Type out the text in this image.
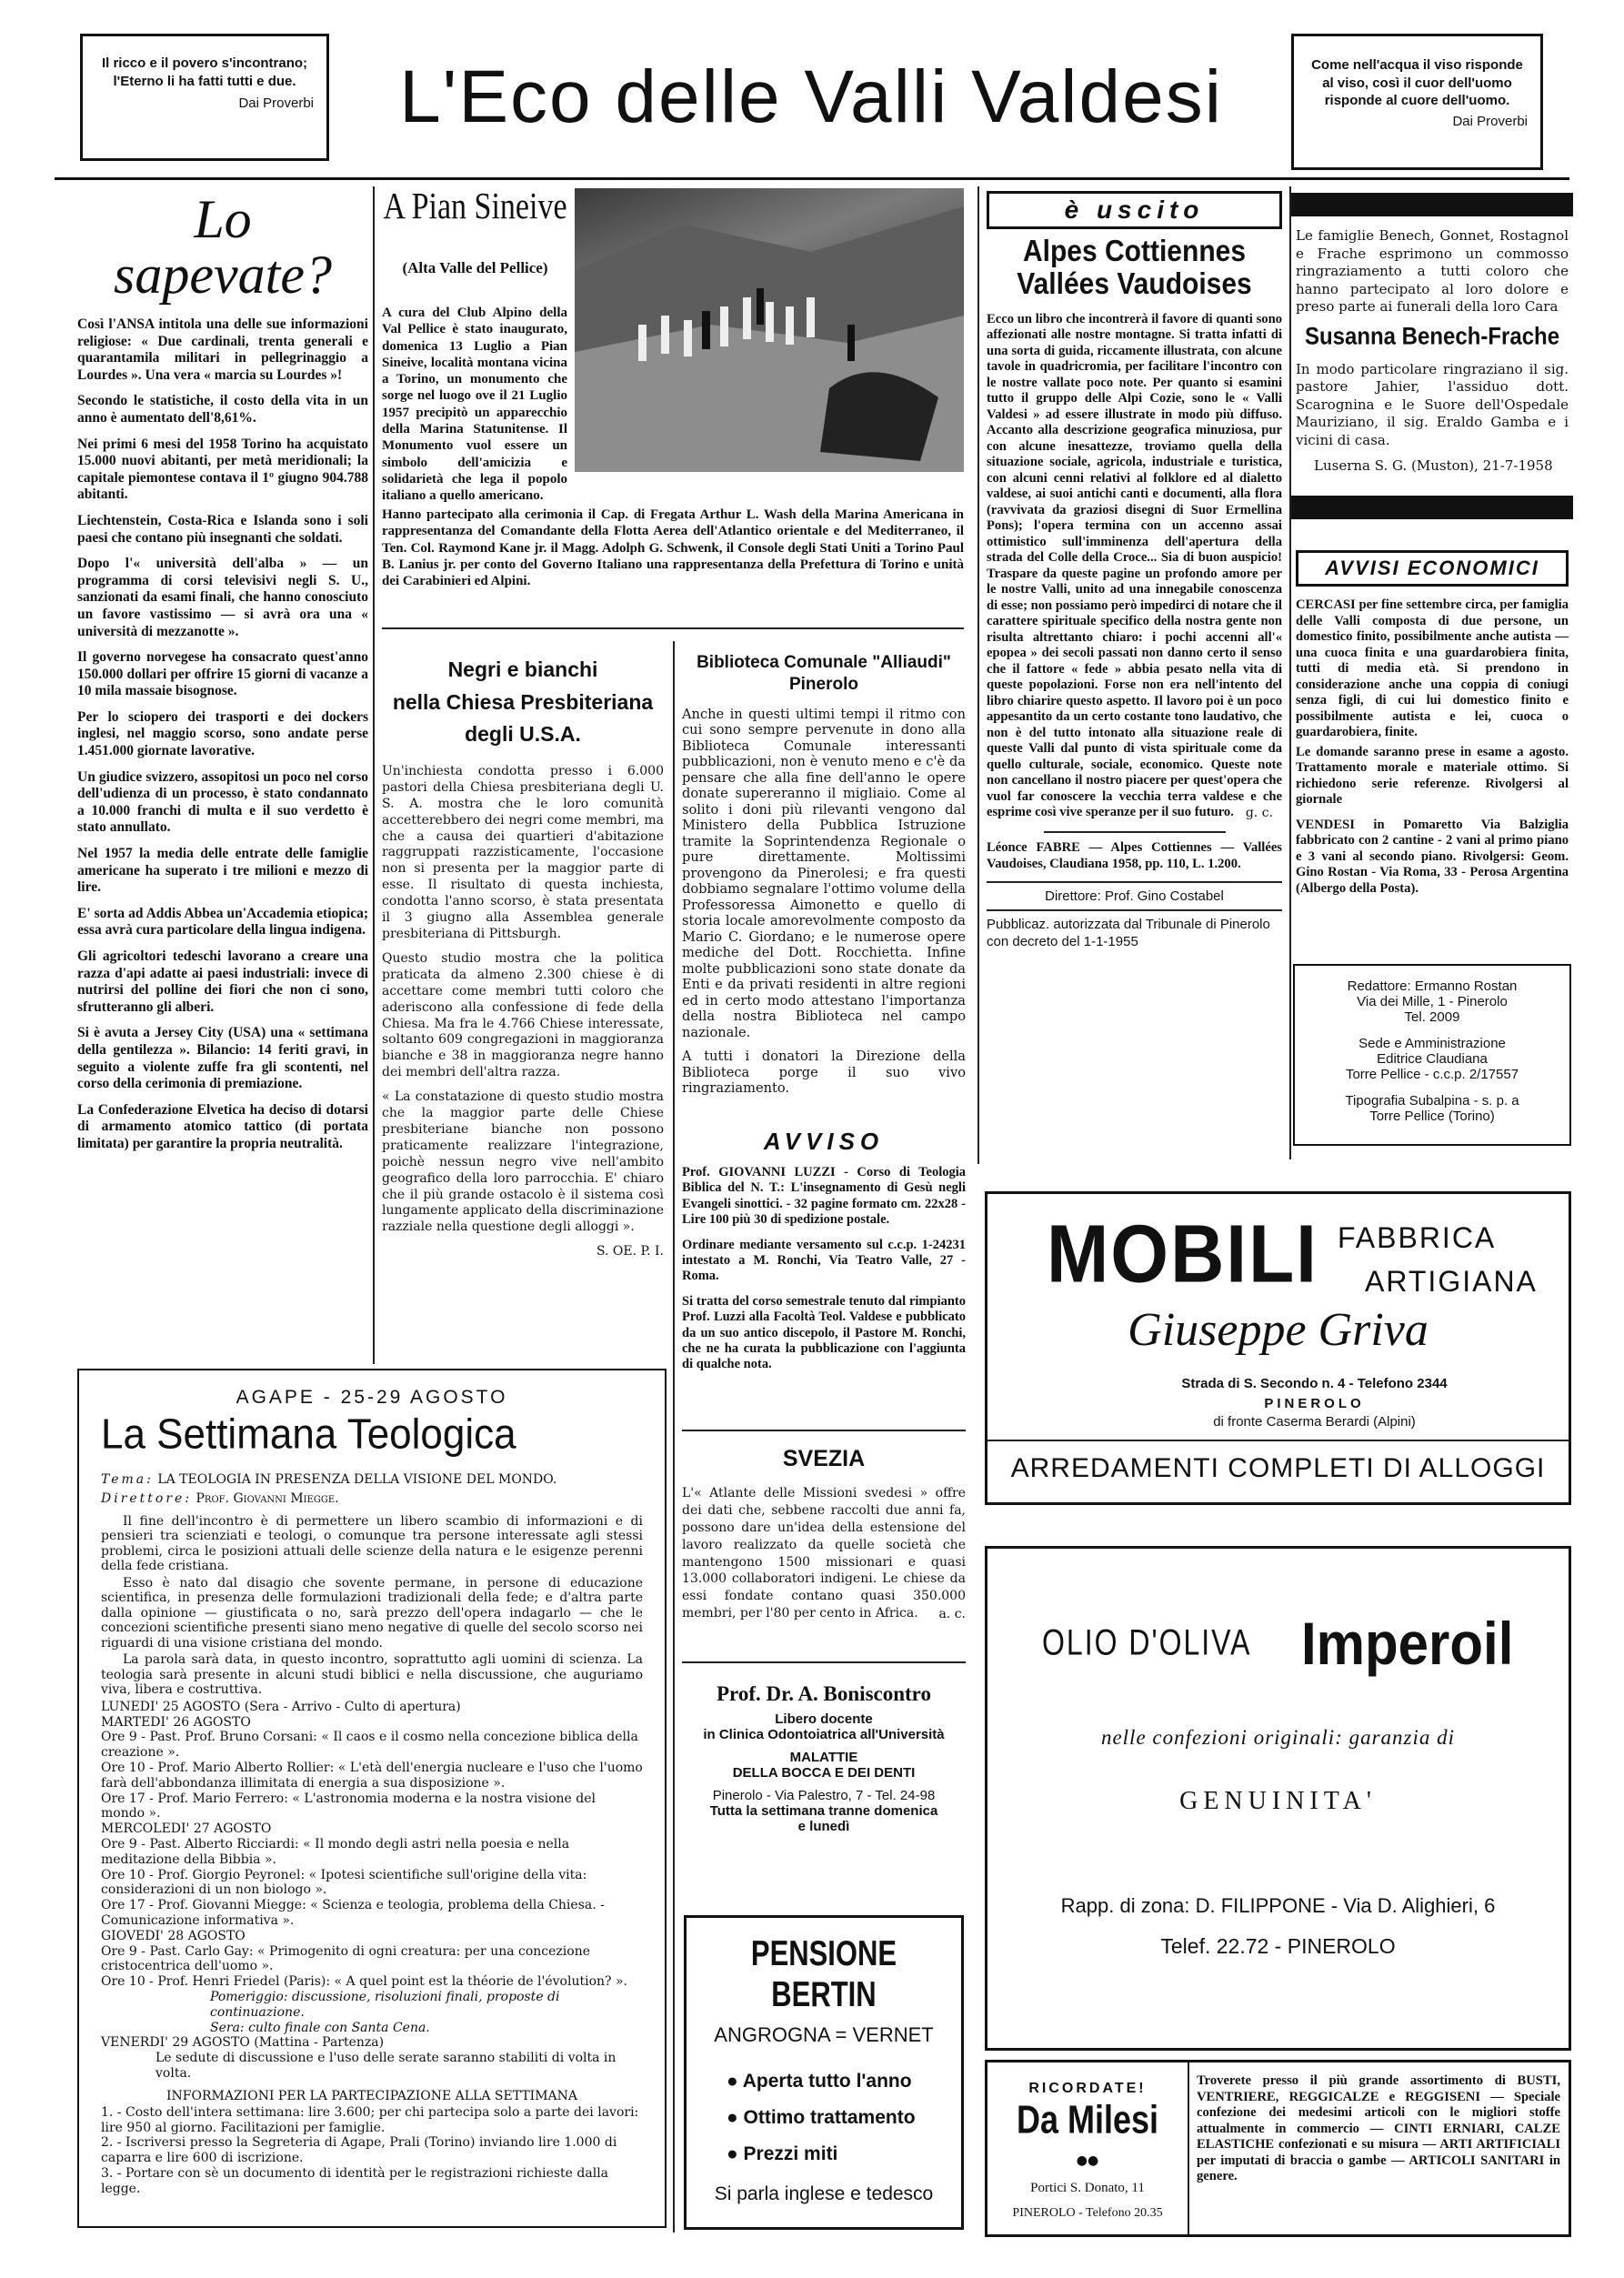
Il ricco e il povero s'incontrano; l'Eterno li ha fatti tutti e due.
Dai Proverbi	L'Eco delle Valli Valdesi	Come nell'acqua il viso risponde al viso, così il cuor dell'uomo risponde al cuore dell'uomo.
Dai Proverbi
Lo
sapevate?

Così l'ANSA intitola una delle sue informazioni religiose: « Due cardinali, trenta generali e quarantamila militari in pellegrinaggio a Lourdes ». Una vera « marcia su Lourdes »!

Secondo le statistiche, il costo della vita in un anno è aumentato dell'8,61%.

Nei primi 6 mesi del 1958 Torino ha acquistato 15.000 nuovi abitanti, per metà meridionali; la capitale piemontese contava il 1º giugno 904.788 abitanti.

Liechtenstein, Costa-Rica e Islanda sono i soli paesi che contano più insegnanti che soldati.

Dopo l'« università dell'alba » — un programma di corsi televisivi negli S. U., sanzionati da esami finali, che hanno conosciuto un favore vastissimo — si avrà ora una « università di mezzanotte ».

Il governo norvegese ha consacrato quest'anno 150.000 dollari per offrire 15 giorni di vacanze a 10 mila massaie bisognose.

Per lo sciopero dei trasporti e dei dockers inglesi, nel maggio scorso, sono andate perse 1.451.000 giornate lavorative.

Un giudice svizzero, assopitosi un poco nel corso dell'udienza di un processo, è stato condannato a 10.000 franchi di multa e il suo verdetto è stato annullato.

Nel 1957 la media delle entrate delle famiglie americane ha superato i tre milioni e mezzo di lire.

E' sorta ad Addis Abbea un'Accademia etiopica; essa avrà cura particolare della lingua indigena.

Gli agricoltori tedeschi lavorano a creare una razza d'api adatte ai paesi industriali: invece di nutrirsi del polline dei fiori che non ci sono, sfrutteranno gli alberi.

Si è avuta a Jersey City (USA) una « settimana della gentilezza ». Bilancio: 14 feriti gravi, in seguito a violente zuffe fra gli scontenti, nel corso della cerimonia di premiazione.

La Confederazione Elvetica ha deciso di dotarsi di armamento atomico tattico (di portata limitata) per garantire la propria neutralità.

A Pian Sineive
(Alta Valle del Pellice)
A cura del Club Alpino della Val Pellice è stato inaugurato, domenica 13 Luglio a Pian Sineive, località montana vicina a Torino, un monumento che sorge nel luogo ove il 21 Luglio 1957 precipitò un apparecchio della Marina Statunitense. Il Monumento vuol essere un simbolo dell'amicizia e solidarietà che lega il popolo italiano a quello americano.
Hanno partecipato alla cerimonia il Cap. di Fregata Arthur L. Wash della Marina Americana in rappresentanza del Comandante della Flotta Aerea dell'Atlantico orientale e del Mediterraneo, il Ten. Col. Raymond Kane jr. il Magg. Adolph G. Schwenk, il Console degli Stati Uniti a Torino Paul B. Lanius jr. per conto del Governo Italiano una rappresentanza della Prefettura di Torino e unità dei Carabinieri ed Alpini.
Negri e bianchi
nella Chiesa Presbiteriana
degli U.S.A.

Un'inchiesta condotta presso i 6.000 pastori della Chiesa presbiteriana degli U. S. A. mostra che le loro comunità accetterebbero dei negri come membri, ma che a causa dei quartieri d'abitazione raggruppati razzisticamente, l'occasione non si presenta per la maggior parte di esse. Il risultato di questa inchiesta, condotta l'anno scorso, è stata presentata il 3 giugno alla Assemblea generale presbiteriana di Pittsburgh.

Questo studio mostra che la politica praticata da almeno 2.300 chiese è di accettare come membri tutti coloro che aderiscono alla confessione di fede della Chiesa. Ma fra le 4.766 Chiese interessate, soltanto 609 congregazioni in maggioranza bianche e 38 in maggioranza negre hanno dei membri dell'altra razza.

« La constatazione di questo studio mostra che la maggior parte delle Chiese presbiteriane bianche non possono praticamente realizzare l'integrazione, poichè nessun negro vive nell'ambito geografico della loro parrocchia. E' chiaro che il più grande ostacolo è il sistema così lungamente applicato della discriminazione razziale nella questione degli alloggi ».

S. OE. P. I.
Biblioteca Comunale "Alliaudi"
Pinerolo

Anche in questi ultimi tempi il ritmo con cui sono sempre pervenute in dono alla Biblioteca Comunale interessanti pubblicazioni, non è venuto meno e c'è da pensare che alla fine dell'anno le opere donate supereranno il migliaio. Come al solito i doni più rilevanti vengono dal Ministero della Pubblica Istruzione tramite la Soprintendenza Regionale o pure direttamente. Moltissimi provengono da Pinerolesi; e fra questi dobbiamo segnalare l'ottimo volume della Professoressa Aimonetto e quello di storia locale amorevolmente composto da Mario C. Giordano; e le numerose opere mediche del Dott. Rocchietta. Infine molte pubblicazioni sono state donate da Enti e da privati residenti in altre regioni ed in certo modo attestano l'importanza della nostra Biblioteca nel campo nazionale.

A tutti i donatori la Direzione della Biblioteca porge il suo vivo ringraziamento.

AVVISO

Prof. GIOVANNI LUZZI - Corso di Teologia Biblica del N. T.: L'insegnamento di Gesù negli Evangeli sinottici. - 32 pagine formato cm. 22x28 - Lire 100 più 30 di spedizione postale.

Ordinare mediante versamento sul c.c.p. 1-24231 intestato a M. Ronchi, Via Teatro Valle, 27 - Roma.

Si tratta del corso semestrale tenuto dal rimpianto Prof. Luzzi alla Facoltà Teol. Valdese e pubblicato da un suo antico discepolo, il Pastore M. Ronchi, che ne ha curata la pubblicazione con l'aggiunta di qualche nota.

SVEZIA

L'« Atlante delle Missioni svedesi » offre dei dati che, sebbene raccolti due anni fa, possono dare un'idea della estensione del lavoro realizzato da quelle società che mantengono 1500 missionari e quasi 13.000 collaboratori indigeni. Le chiese da essi fondate contano quasi 350.000 membri, per l'80 per cento in Africa.	a. c.
Prof. Dr. A. Boniscontro
Libero docente
in Clinica Odontoiatrica all'Università
MALATTIE
DELLA BOCCA E DEI DENTI
Pinerolo - Via Palestro, 7 - Tel. 24-98
Tutta la settimana tranne domenica
e lunedì
PENSIONE BERTIN
ANGROGNA = VERNET
● Aperta tutto l'anno
● Ottimo trattamento
● Prezzi miti
Si parla inglese e tedesco
è uscito
Alpes Cottiennes
Vallées Vaudoises

Ecco un libro che incontrerà il favore di quanti sono affezionati alle nostre montagne. Si tratta infatti di una sorta di guida, riccamente illustrata, con alcune tavole in quadricromia, per facilitare l'incontro con le nostre vallate poco note. Per quanto si esamini tutto il gruppo delle Alpi Cozie, sono le « Valli Valdesi » ad essere illustrate in modo più diffuso. Accanto alla descrizione geografica minuziosa, pur con alcune inesattezze, troviamo quella della situazione sociale, agricola, industriale e turistica, con alcuni cenni relativi al folklore ed al dialetto valdese, ai suoi antichi canti e documenti, alla flora (ravvivata da graziosi disegni di Suor Ermellina Pons); l'opera termina con un accenno assai ottimistico sull'imminenza dell'apertura della strada del Colle della Croce... Sia di buon auspicio! Traspare da queste pagine un profondo amore per le nostre Valli, unito ad una innegabile conoscenza di esse; non possiamo però impedirci di notare che il carattere spirituale specifico della nostra gente non risulta altrettanto chiaro: i pochi accenni all'« epopea » dei secoli passati non danno certo il senso che il fattore « fede » abbia pesato nella vita di queste popolazioni. Forse non era nell'intento del libro chiarire questo aspetto. Il lavoro poi è un poco appesantito da un certo costante tono laudativo, che non è del tutto intonato alla situazione reale di queste Valli dal punto di vista spirituale come da quello culturale, sociale, economico. Queste note non cancellano il nostro piacere per quest'opera che vuol far conoscere la vecchia terra valdese e che esprime così vive speranze per il suo futuro. g. c.

Léonce FABRE — Alpes Cottiennes — Vallées Vaudoises, Claudiana 1958, pp. 110, L. 1.200.

Direttore: Prof. Gino Costabel
Pubblicaz. autorizzata dal Tribunale di Pinerolo con decreto del 1-1-1955

Le famiglie Benech, Gonnet, Rostagnol e Frache esprimono un commosso ringraziamento a tutti coloro che hanno partecipato al loro dolore e preso parte ai funerali della loro Cara

Susanna Benech-Frache

In modo particolare ringraziano il sig. pastore Jahier, l'assiduo dott. Scarognina e le Suore dell'Ospedale Mauriziano, il sig. Eraldo Gamba e i vicini di casa.

Luserna S. G. (Muston), 21-7-1958
AVVISI ECONOMICI

CERCASI per fine settembre circa, per famiglia delle Valli composta di due persone, un domestico finito, possibilmente anche autista — una cuoca finita e una guardarobiera finita, tutti di media età. Si prendono in considerazione anche una coppia di coniugi senza figli, di cui lui domestico finito e possibilmente autista e lei, cuoca o guardarobiera, finite.

Le domande saranno prese in esame a agosto. Trattamento morale e materiale ottimo. Si richiedono serie referenze. Rivolgersi al giornale

VENDESI in Pomaretto Via Balziglia fabbricato con 2 cantine - 2 vani al primo piano e 3 vani al secondo piano. Rivolgersi: Geom. Gino Rostan - Via Roma, 33 - Perosa Argentina (Albergo della Posta).

Redattore: Ermanno Rostan
Via dei Mille, 1 - Pinerolo
Tel. 2009
Sede e Amministrazione
Editrice Claudiana
Torre Pellice - c.c.p. 2/17557
Tipografia Subalpina - s. p. a
Torre Pellice (Torino)
MOBILI FABBRICA
ARTIGIANA
Giuseppe Griva
Strada di S. Secondo n. 4 - Telefono 2344
PINEROLO
di fronte Caserma Berardi (Alpini)
ARREDAMENTI COMPLETI DI ALLOGGI
OLIO D'OLIVA Imperoil
nelle confezioni originali: garanzia di
GENUINITA'
Rapp. di zona: D. FILIPPONE - Via D. Alighieri, 6
Telef. 22.72 - PINEROLO
RICORDATE!
Da Milesi
●●
Portici S. Donato, 11
PINEROLO - Telefono 20.35

Troverete presso il più grande assortimento di BUSTI, VENTRIERE, REGGICALZE e REGGISENI — Speciale confezione dei medesimi articoli con le migliori stoffe attualmente in commercio — CINTI ERNIARI, CALZE ELASTICHE confezionati e su misura — ARTI ARTIFICIALI per imputati di braccia o gambe — ARTICOLI SANITARI in genere.

AGAPE - 25-29 AGOSTO
La Settimana Teologica
Tema: LA TEOLOGIA IN PRESENZA DELLA VISIONE DEL MONDO.
Direttore: Prof. Giovanni Miegge.

Il fine dell'incontro è di permettere un libero scambio di informazioni e di pensieri tra scienziati e teologi, o comunque tra persone interessate agli stessi problemi, circa le posizioni attuali delle scienze della natura e le esigenze perenni della fede cristiana.

Esso è nato dal disagio che sovente permane, in persone di educazione scientifica, in presenza delle formulazioni tradizionali della fede; e d'altra parte dalla opinione — giustificata o no, sarà prezzo dell'opera indagarlo — che le concezioni scientifiche presenti siano meno negative di quelle del secolo scorso nei riguardi di una visione cristiana del mondo.

La parola sarà data, in questo incontro, soprattutto agli uomini di scienza. La teologia sarà presente in alcuni studi biblici e nella discussione, che auguriamo viva, libera e costruttiva.

LUNEDI' 25 AGOSTO (Sera - Arrivo - Culto di apertura)

MARTEDI' 26 AGOSTO

Ore 9 - Past. Prof. Bruno Corsani: « Il caos e il cosmo nella concezione biblica della creazione ».

Ore 10 - Prof. Mario Alberto Rollier: « L'età dell'energia nucleare e l'uso che l'uomo farà dell'abbondanza illimitata di energia a sua disposizione ».

Ore 17 - Prof. Mario Ferrero: « L'astronomia moderna e la nostra visione del mondo ».

MERCOLEDI' 27 AGOSTO

Ore 9 - Past. Alberto Ricciardi: « Il mondo degli astri nella poesia e nella meditazione della Bibbia ».

Ore 10 - Prof. Giorgio Peyronel: « Ipotesi scientifiche sull'origine della vita: considerazioni di un non biologo ».

Ore 17 - Prof. Giovanni Miegge: « Scienza e teologia, problema della Chiesa. - Comunicazione informativa ».

GIOVEDI' 28 AGOSTO

Ore 9 - Past. Carlo Gay: « Primogenito di ogni creatura: per una concezione cristocentrica dell'uomo ».

Ore 10 - Prof. Henri Friedel (Paris): « A quel point est la théorie de l'évolution? ».

Pomeriggio: discussione, risoluzioni finali, proposte di continuazione.

Sera: culto finale con Santa Cena.

VENERDI' 29 AGOSTO (Mattina - Partenza)

Le sedute di discussione e l'uso delle serate saranno stabiliti di volta in volta.

INFORMAZIONI PER LA PARTECIPAZIONE ALLA SETTIMANA

1. - Costo dell'intera settimana: lire 3.600; per chi partecipa solo a parte dei lavori: lire 950 al giorno. Facilitazioni per famiglie.

2. - Iscriversi presso la Segreteria di Agape, Prali (Torino) inviando lire 1.000 di caparra e lire 600 di iscrizione.

3. - Portare con sè un documento di identità per le registrazioni richieste dalla legge.
